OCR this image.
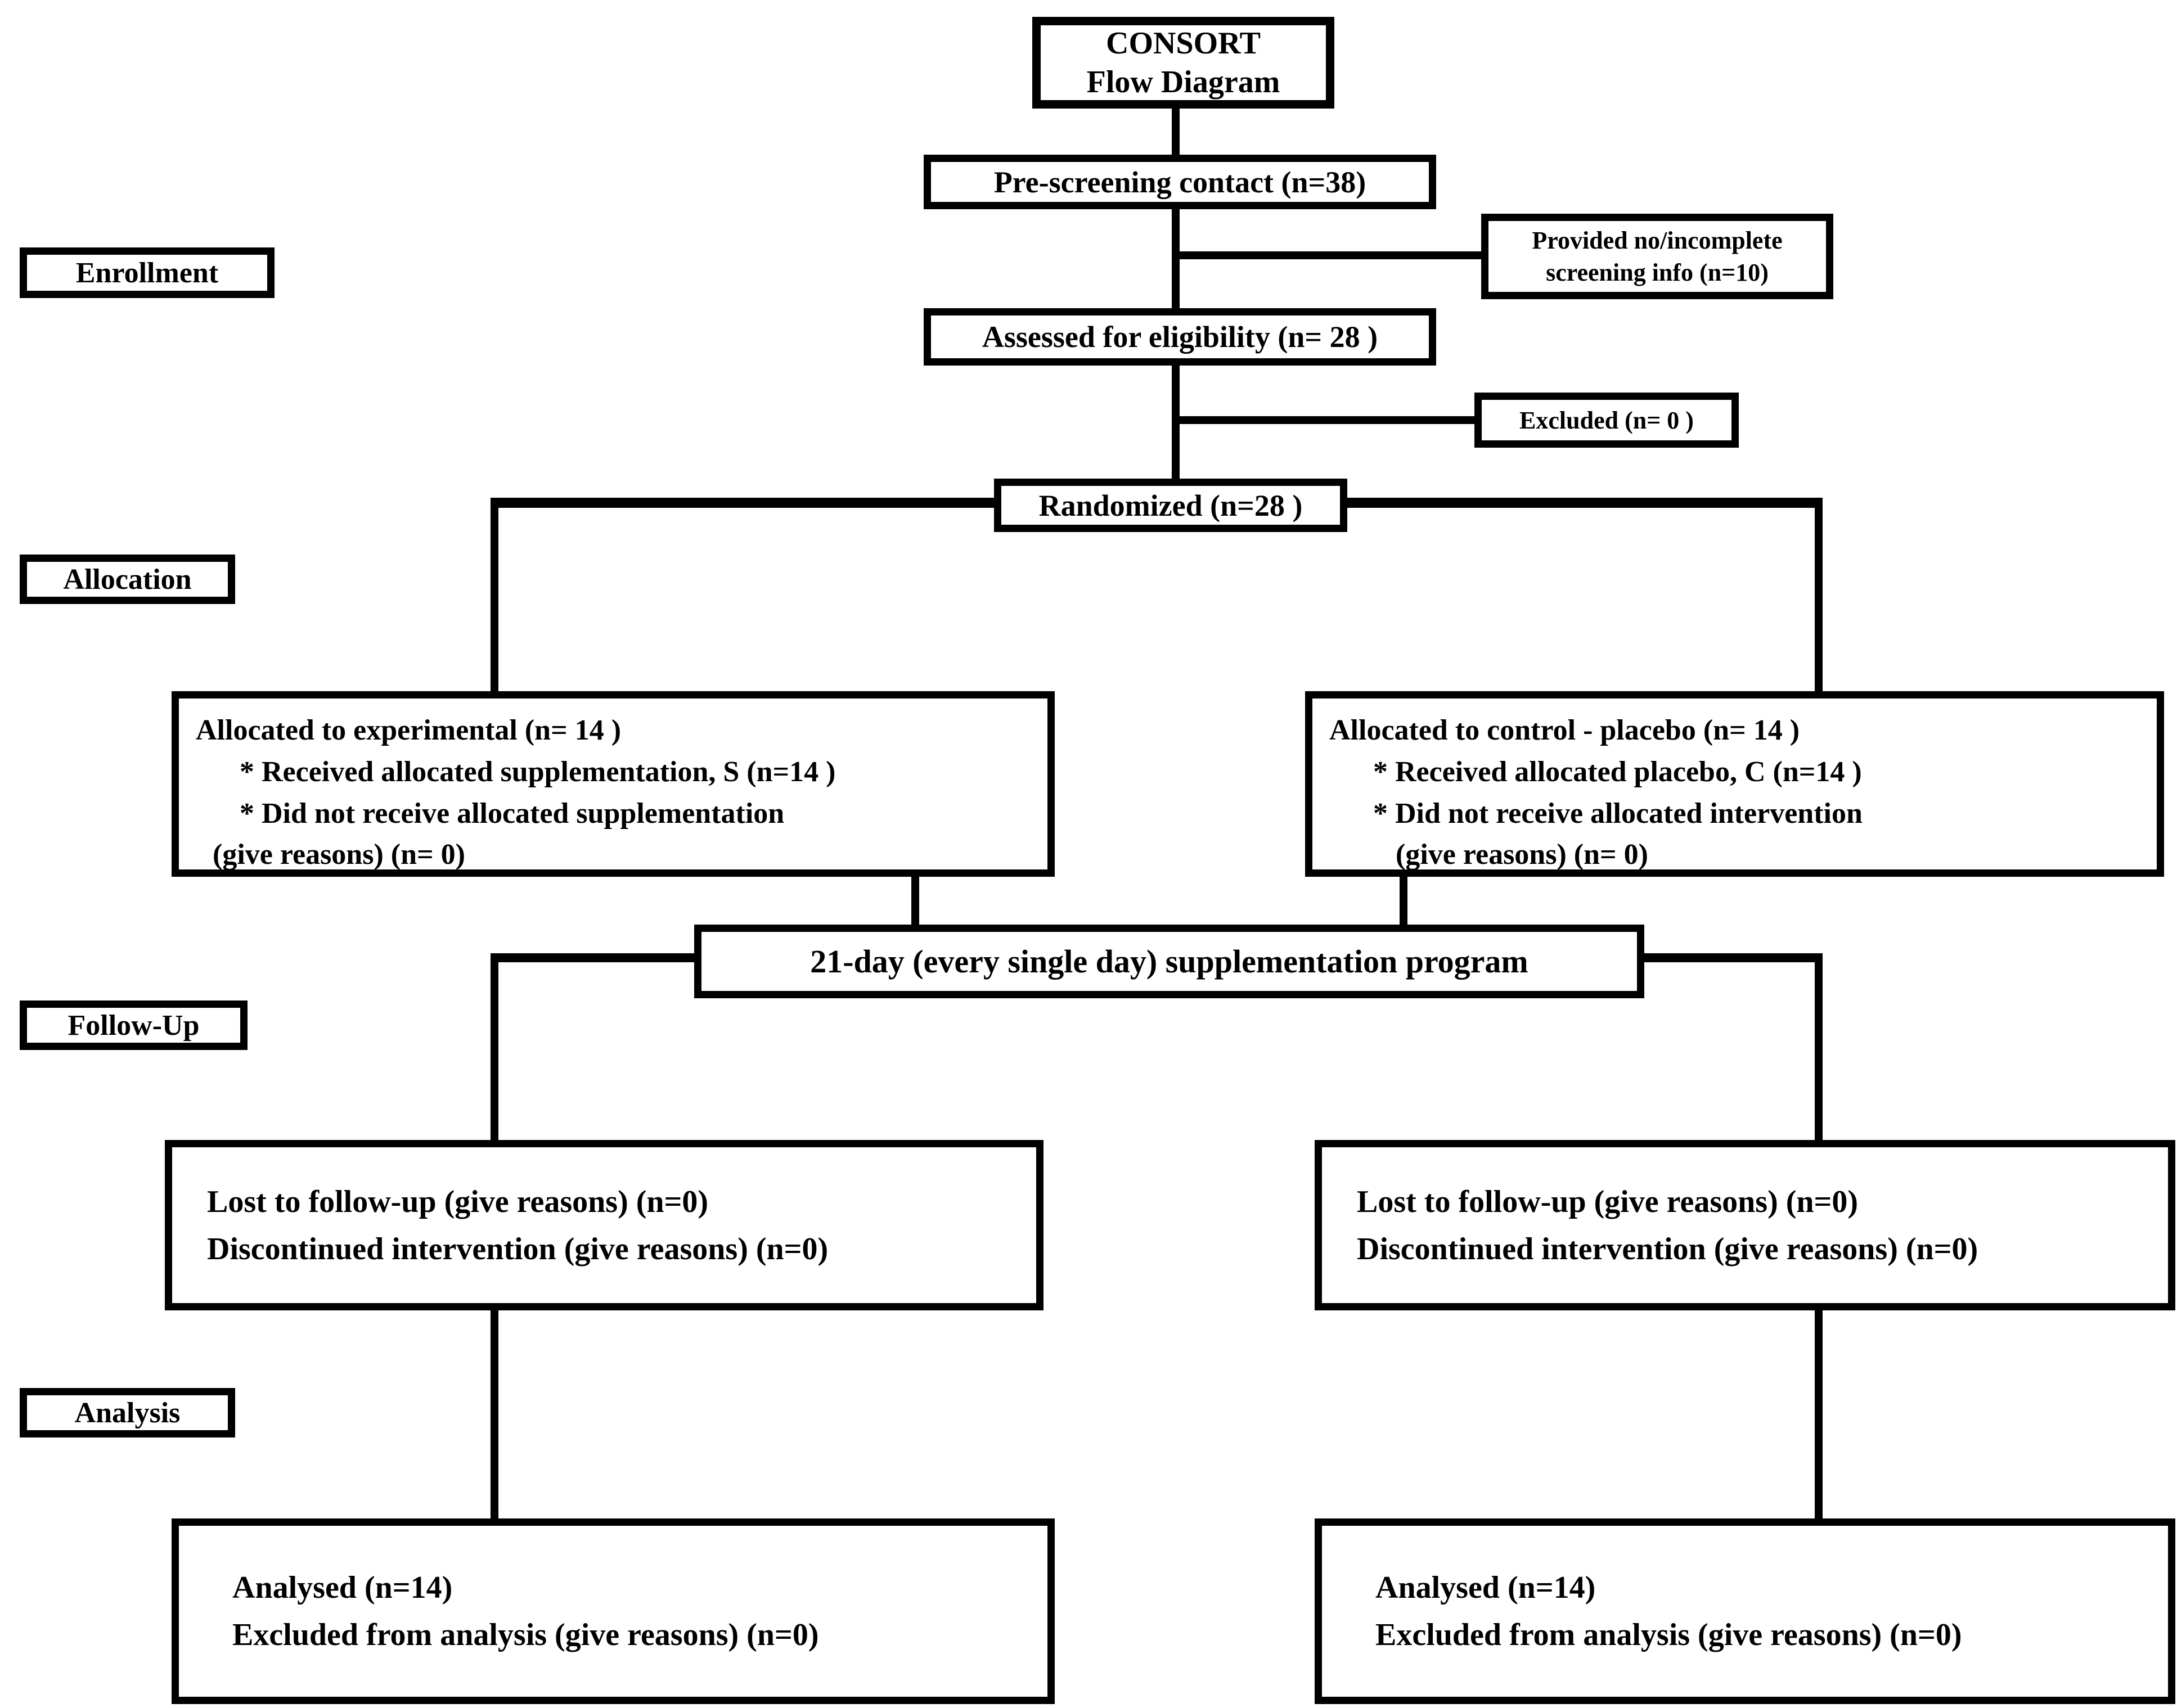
CONSORT
Flow Diagram
Pre-screening contact (n=38)
Provided no/incomplete
screening info (n=10)
Enrollment
Assessed for eligibility (n= 28 )
Excluded (n= 0 )
Randomized (n=28 )
Allocation
Allocated to experimental (n= 14 )
* Received allocated supplementation, S (n=14 )
* Did not receive allocated supplementation
(give reasons) (n= 0)
Allocated to control - placebo (n= 14 )
* Received allocated placebo, C (n=14 )
* Did not receive allocated intervention
(give reasons) (n= 0)
21-day (every single day) supplementation program
Follow-Up
Lost to follow-up (give reasons) (n=0)
Discontinued intervention (give reasons) (n=0)
Lost to follow-up (give reasons) (n=0)
Discontinued intervention (give reasons) (n=0)
Analysis
Analysed (n=14)
Excluded from analysis (give reasons) (n=0)
Analysed (n=14)
Excluded from analysis (give reasons) (n=0)
